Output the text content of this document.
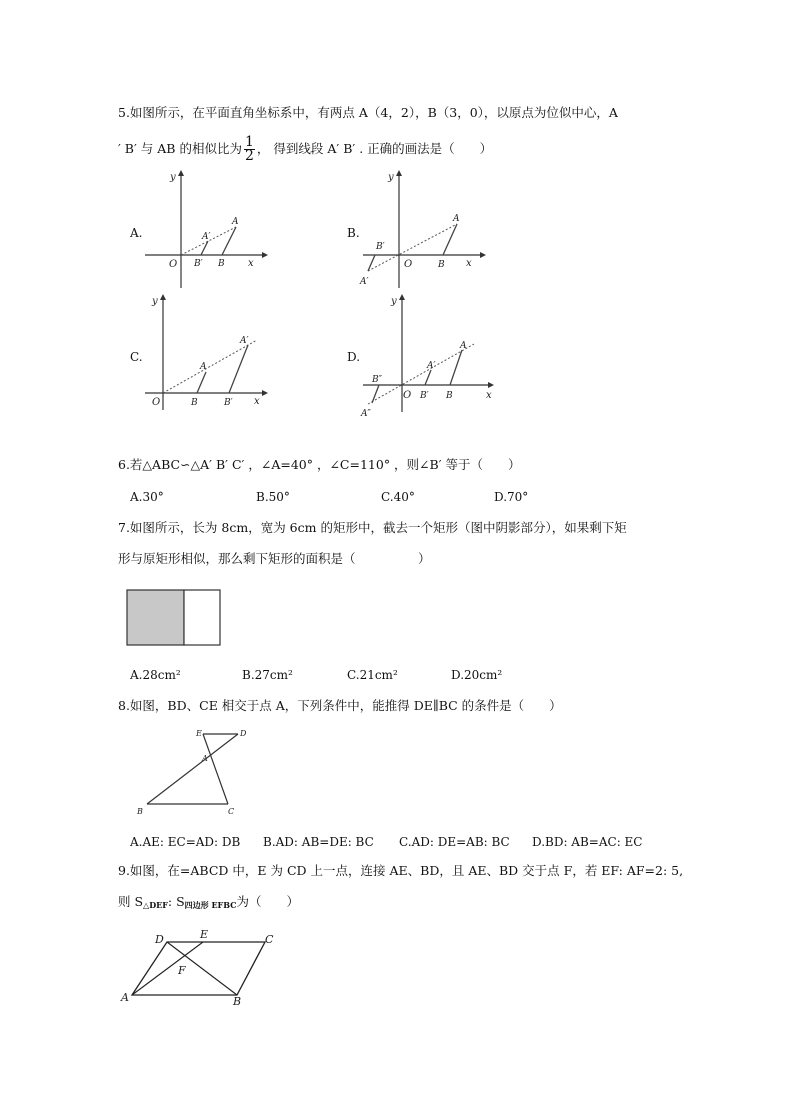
5.如图所示，在平面直角坐标系中，有两点 A（4，2），B（3，0），以原点为位似中心，A
′ B′ 与 AB 的相似比为 $\frac{1}{2}$ ， 得到线段 A′ B′ . 正确的画法是（　　）
A.	B.
C.	D.
x
y
O
A
B
A′
B′	x
y
O
A
B
A′
B′
x
y
O
A
B
A′
B′
x
y
O
A
B
A′
B′
A″
B″
6.若△ABC∽△A′ B′ C′ ，∠A=40° ，∠C=110° ，则∠B′ 等于（　　）
A.30°	B.50°	C.40°	D.70°
7.如图所示，长为 8cm，宽为 6cm 的矩形中，截去一个矩形（图中阴影部分），如果剩下矩
形与原矩形相似，那么剩下矩形的面积是（　　　　　）
A.28cm²	B.27cm²	C.21cm²	D.20cm²
8.如图，BD、CE 相交于点 A，下列条件中，能推得 DE∥BC 的条件是（　　）
E	D
A
B	C
A.AE: EC=AD: DB B.AD: AB=DE: BC C.AD: DE=AB: BC D.BD: AB=AC: EC
9.如图，在=ABCD 中，E 为 CD 上一点，连接 AE、BD，且 AE、BD 交于点 F，若 EF: AF=2: 5,
则 $S_{\triangle DEF}$: $S_{四边形 EFBC}$为（　　）
D	E	C
F
A	B
